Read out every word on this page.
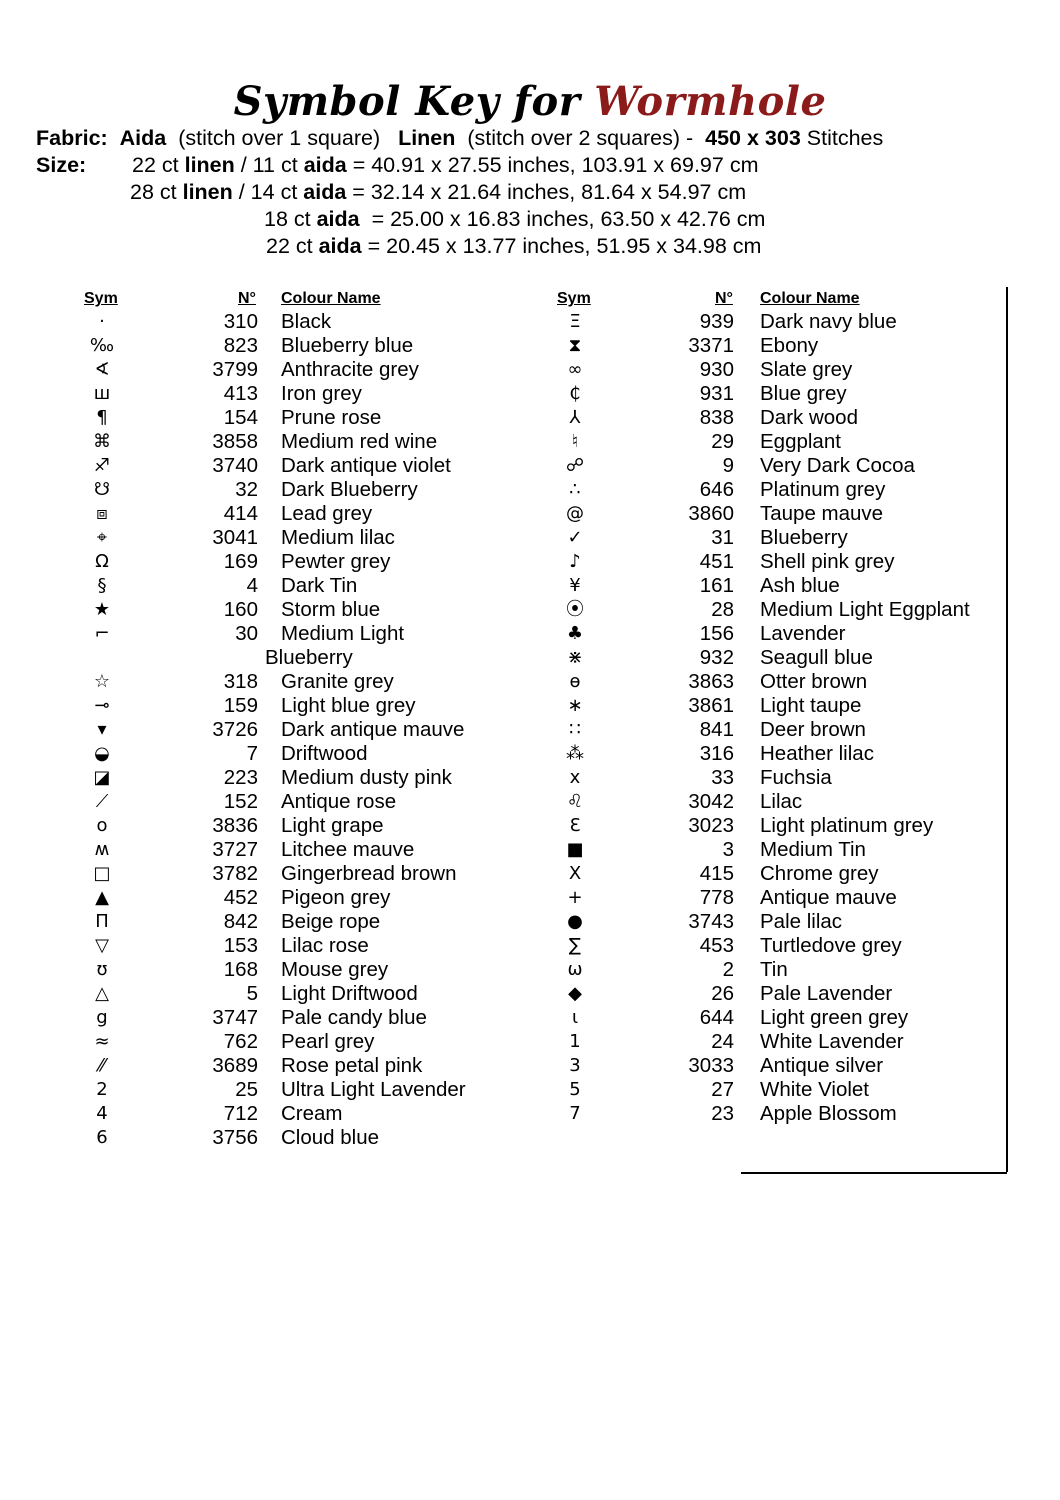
Symbol Key for Wormhole
Fabric: Aida (stitch over 1 square) Linen (stitch over 2 squares) - 450 x 303 Stitches
Size: 22 ct linen / 11 ct aida = 40.91 x 27.55 inches, 103.91 x 69.97 cm
28 ct linen / 14 ct aida = 32.14 x 21.64 inches, 81.64 x 54.97 cm
18 ct aida  = 25.00 x 16.83 inches, 63.50 x 42.76 cm
22 ct aida = 20.45 x 13.77 inches, 51.95 x 34.98 cm
Sym	N° Colour Name	Sym	N° Colour Name
·	310 Black
‰	823 Blueberry blue
∢	3799 Anthracite grey
ш	413 Iron grey
¶	154 Prune rose
⌘	3858 Medium red wine
♐	3740 Dark antique violet
☋	32 Dark Blueberry
⧈	414 Lead grey
⌖	3041 Medium lilac
Ω	169 Pewter grey
§	4 Dark Tin
★	160 Storm blue
⌐	30 Medium Light
Blueberry
☆	318 Granite grey
⊸	159 Light blue grey
▾	3726 Dark antique mauve
◒	7 Driftwood
◪	223 Medium dusty pink
⟋	152 Antique rose
o	3836 Light grape
ʍ	3727 Litchee mauve
□	3782 Gingerbread brown
▲	452 Pigeon grey
П	842 Beige rope
▽	153 Lilac rose
ʊ	168 Mouse grey
△	5 Light Driftwood
g	3747 Pale candy blue
≈	762 Pearl grey
⁄⁄	3689 Rose petal pink
2	25 Ultra Light Lavender
4	712 Cream
6	3756 Cloud blue
Ξ	939 Dark navy blue
⧗	3371 Ebony
∞	930 Slate grey
₵	931 Blue grey
⅄	838 Dark wood
♮	29 Eggplant
☍	9 Very Dark Cocoa
∴	646 Platinum grey
@	3860 Taupe mauve
✓	31 Blueberry
♪	451 Shell pink grey
¥	161 Ash blue
⦿	28 Medium Light Eggplant
♣	156 Lavender
⋇	932 Seagull blue
ɵ	3863 Otter brown
∗	3861 Light taupe
∷	841 Deer brown
⁂	316 Heather lilac
x	33 Fuchsia
♌	3042 Lilac
Ɛ	3023 Light platinum grey
■	3 Medium Tin
Ⅹ	415 Chrome grey
+	778 Antique mauve
●	3743 Pale lilac
∑	453 Turtledove grey
ω	2 Tin
◆	26 Pale Lavender
ɩ	644 Light green grey
1	24 White Lavender
3	3033 Antique silver
5	27 White Violet
7	23 Apple Blossom
